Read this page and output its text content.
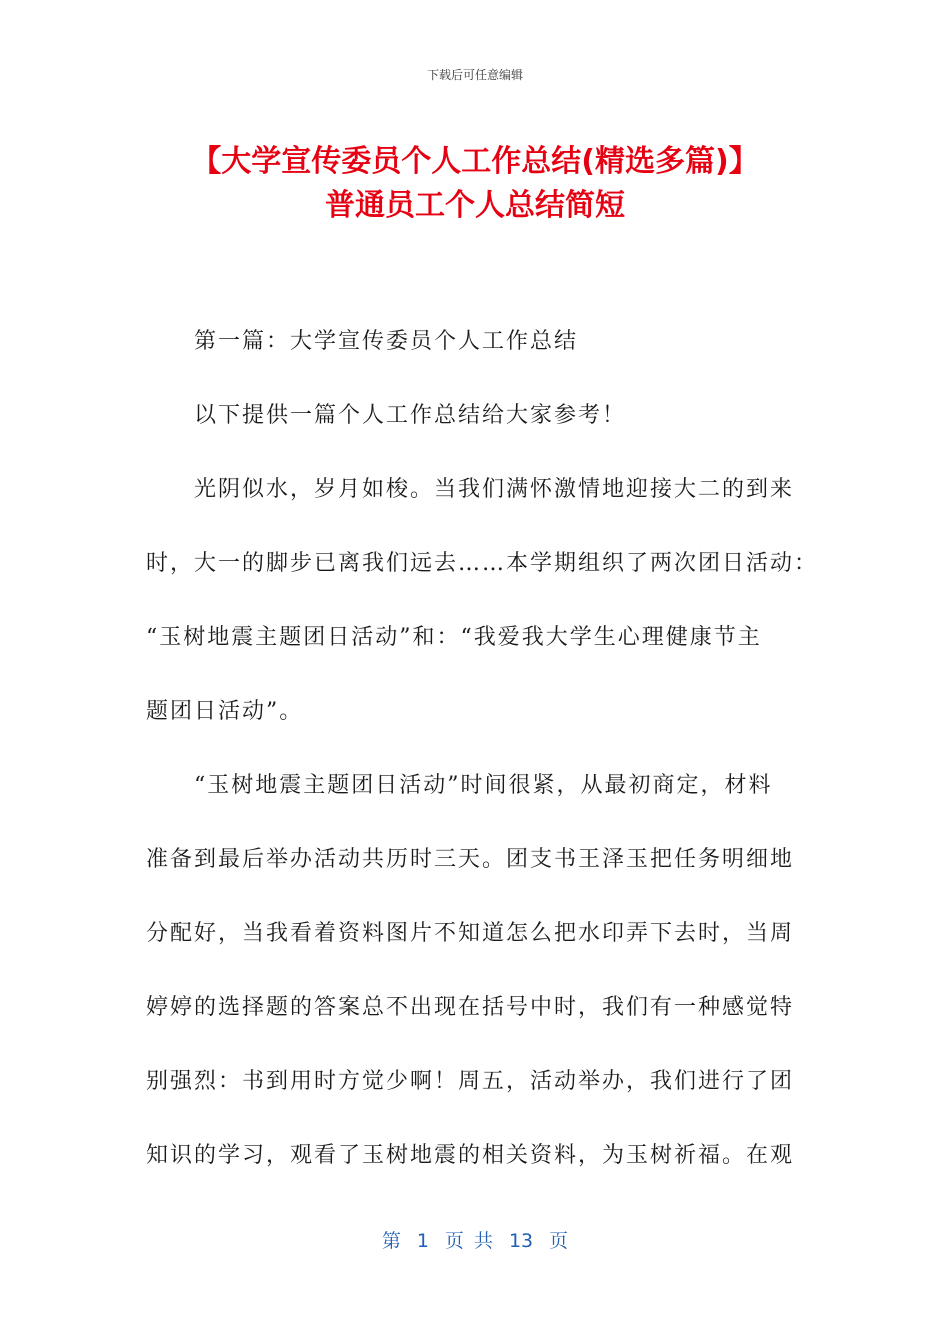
下载后可任意编辑
【大学宣传委员个人工作总结(精选多篇)】
普通员工个人总结简短
第一篇：大学宣传委员个人工作总结
以下提供一篇个人工作总结给大家参考！
光阴似水，岁月如梭。当我们满怀激情地迎接大二的到来
时，大一的脚步已离我们远去……本学期组织了两次团日活动：
“玉树地震主题团日活动”和：“我爱我大学生心理健康节主
题团日活动”。
“玉树地震主题团日活动”时间很紧，从最初商定，材料
准备到最后举办活动共历时三天。团支书王泽玉把任务明细地
分配好，当我看着资料图片不知道怎么把水印弄下去时，当周
婷婷的选择题的答案总不出现在括号中时，我们有一种感觉特
别强烈：书到用时方觉少啊！周五，活动举办，我们进行了团
知识的学习，观看了玉树地震的相关资料，为玉树祈福。在观
第 1 页 共 13 页
